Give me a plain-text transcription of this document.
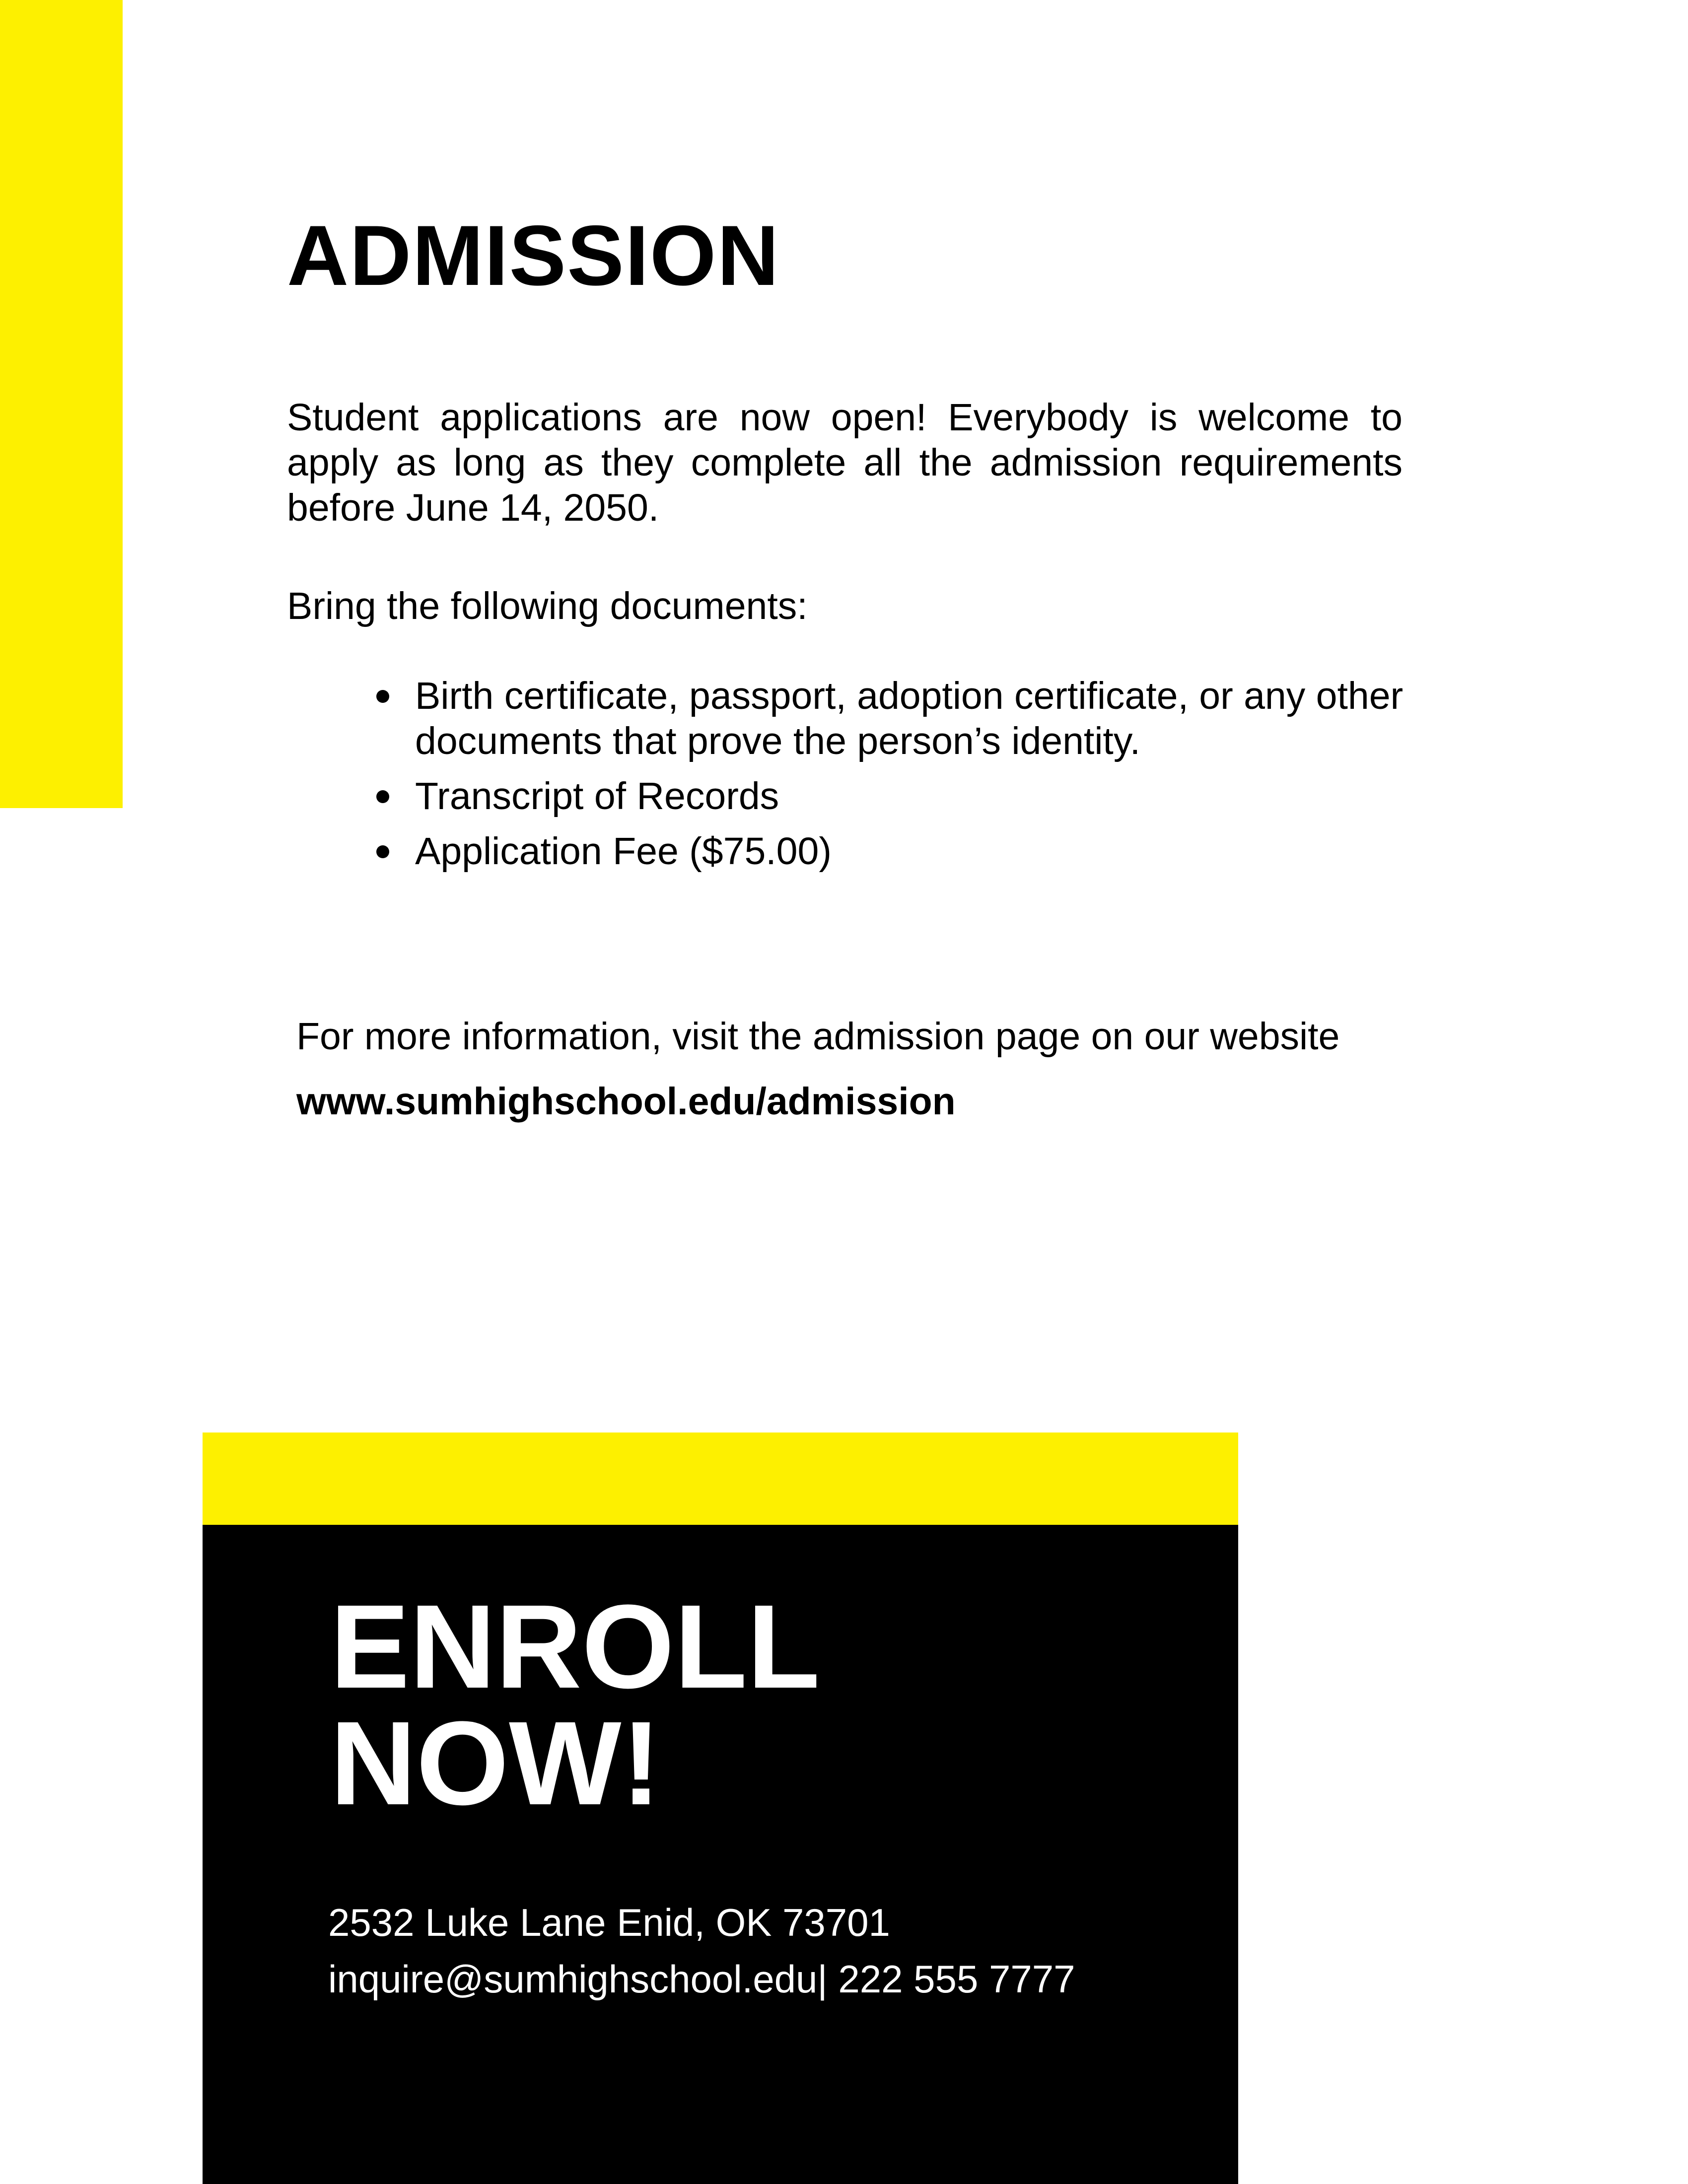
ADMISSION
Student applications are now open! Everybody is welcome to apply as long as they complete all the admission requirements before June 14, 2050.
Bring the following documents:
Birth certificate, passport, adoption certificate, or any other documents that prove the person’s identity.
Transcript of Records
Application Fee ($75.00)
For more information, visit the admission page on our website
www.sumhighschool.edu/admission
ENROLL
NOW!
2532 Luke Lane Enid, OK 73701
inquire@sumhighschool.edu| 222 555 7777
